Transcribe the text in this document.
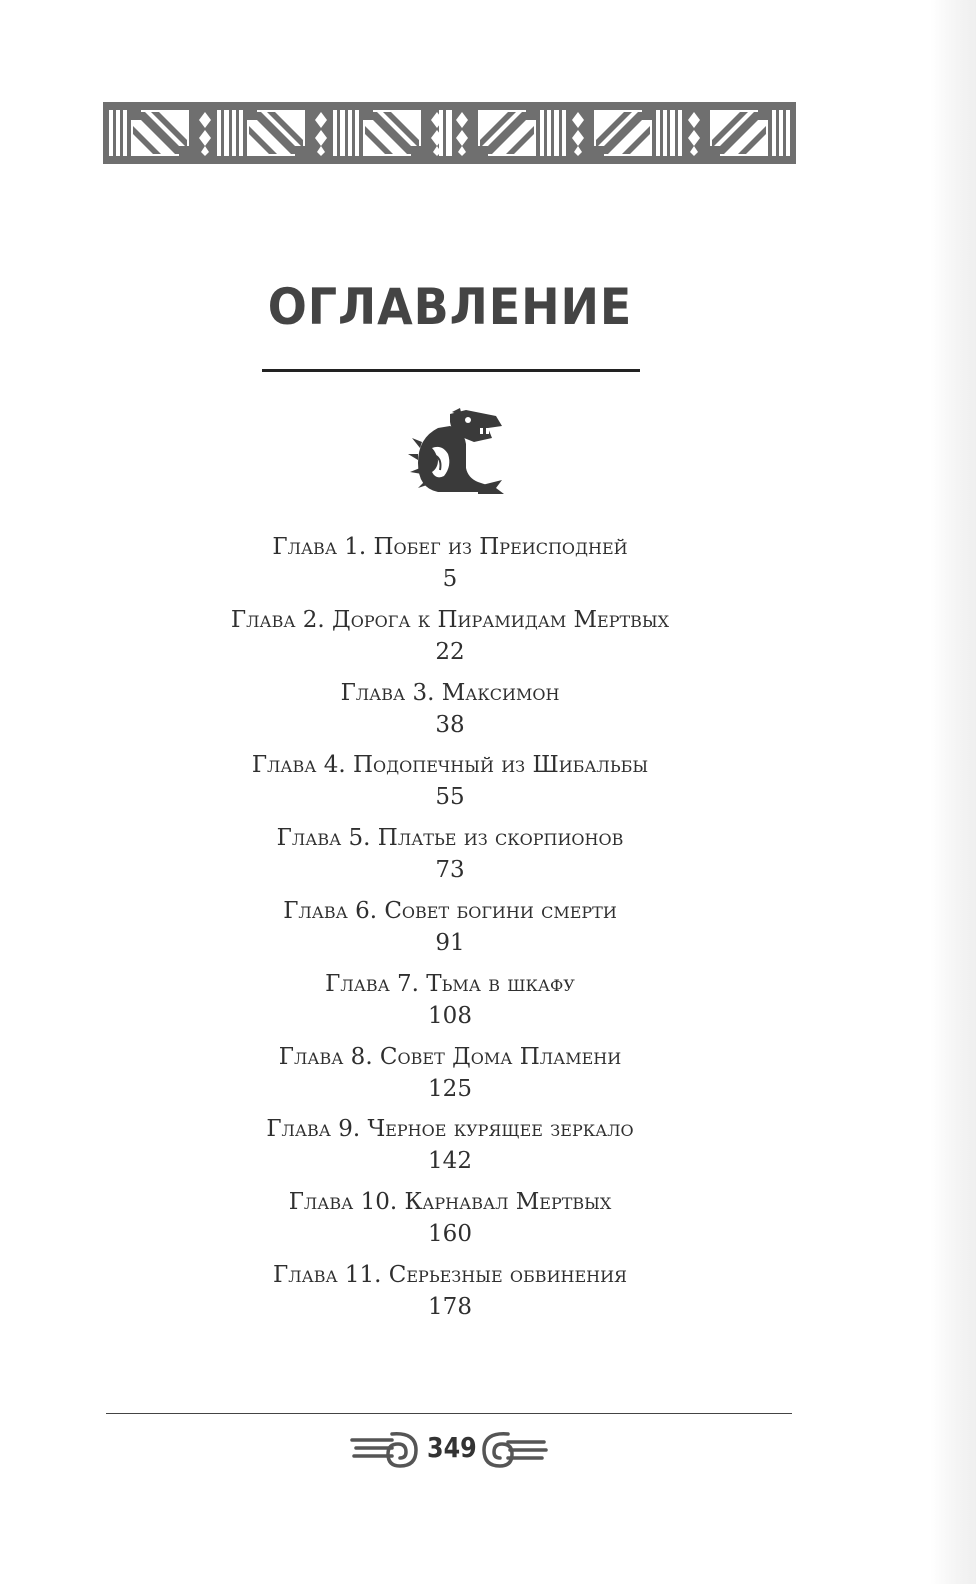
ОГЛАВЛЕНИЕ
Глава 1. Побег из Преисподней
5
Глава 2. Дорога к Пирамидам Мертвых
22
Глава 3. Максимон
38
Глава 4. Подопечный из Шибальбы
55
Глава 5. Платье из скорпионов
73
Глава 6. Совет богини смерти
91
Глава 7. Тьма в шкафу
108
Глава 8. Совет Дома Пламени
125
Глава 9. Черное курящее зеркало
142
Глава 10. Карнавал Мертвых
160
Глава 11. Серьезные обвинения
178
349
